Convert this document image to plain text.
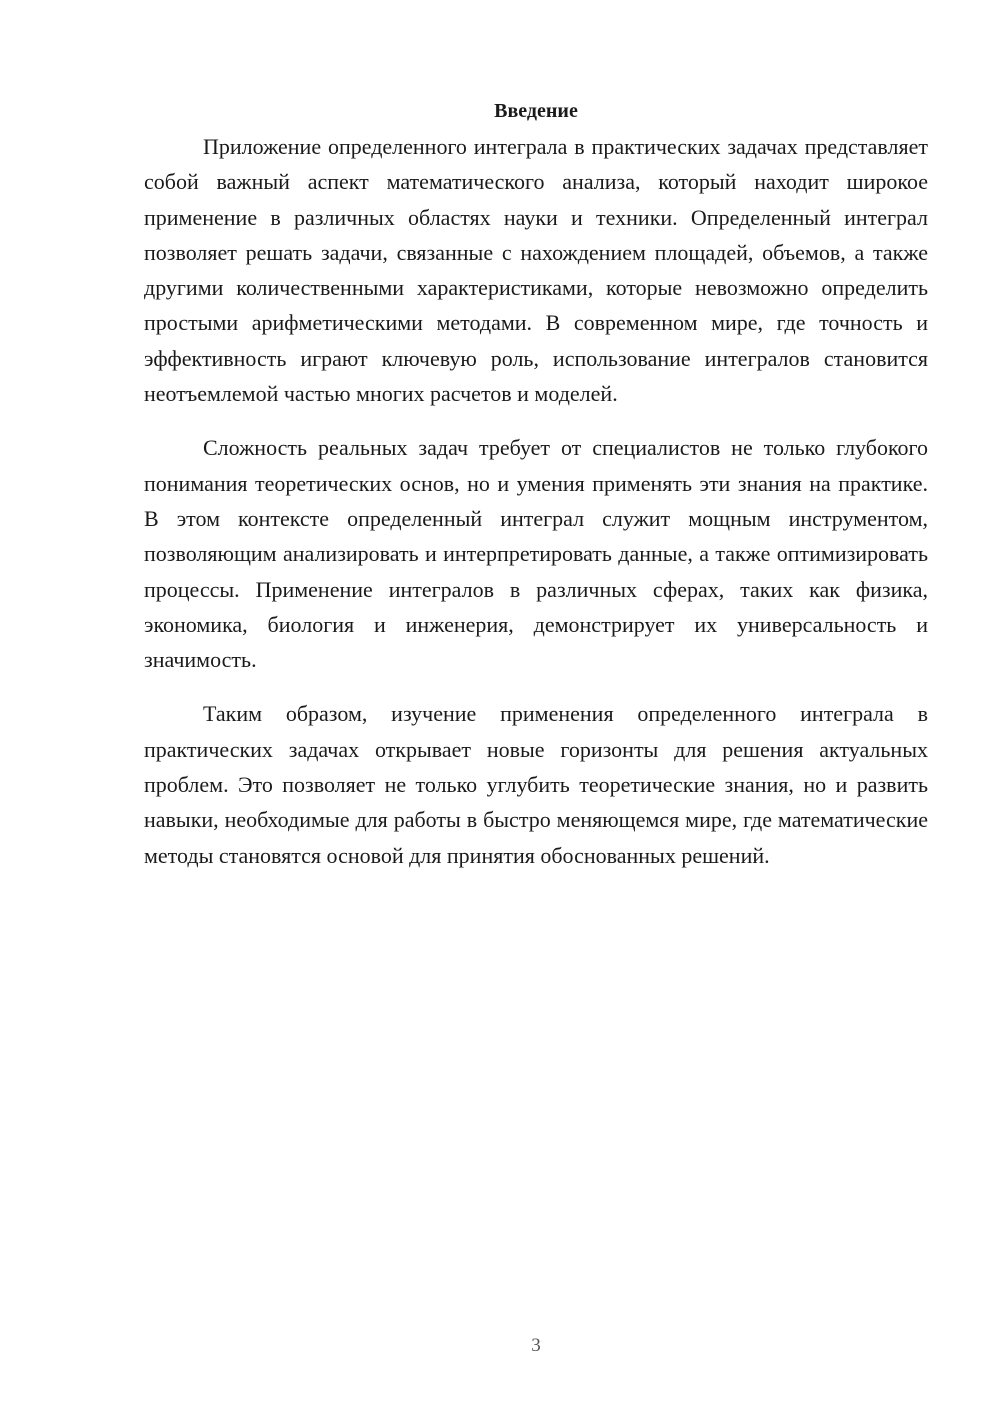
Введение

Приложение определенного интеграла в практических задачах представляет собой важный аспект математического анализа, который находит широкое применение в различных областях науки и техники. Определенный интеграл позволяет решать задачи, связанные с нахождением площадей, объемов, а также другими количественными характеристиками, которые невозможно определить простыми арифметическими методами. В современном мире, где точность и эффективность играют ключевую роль, использование интегралов становится неотъемлемой частью многих расчетов и моделей.

Сложность реальных задач требует от специалистов не только глубокого понимания теоретических основ, но и умения применять эти знания на практике. В этом контексте определенный интеграл служит мощным инструментом, позволяющим анализировать и интерпретировать данные, а также оптимизировать процессы. Применение интегралов в различных сферах, таких как физика, экономика, биология и инженерия, демонстрирует их универсальность и значимость.

Таким образом, изучение применения определенного интеграла в практических задачах открывает новые горизонты для решения актуальных проблем. Это позволяет не только углубить теоретические знания, но и развить навыки, необходимые для работы в быстро меняющемся мире, где математические методы становятся основой для принятия обоснованных решений.

3
